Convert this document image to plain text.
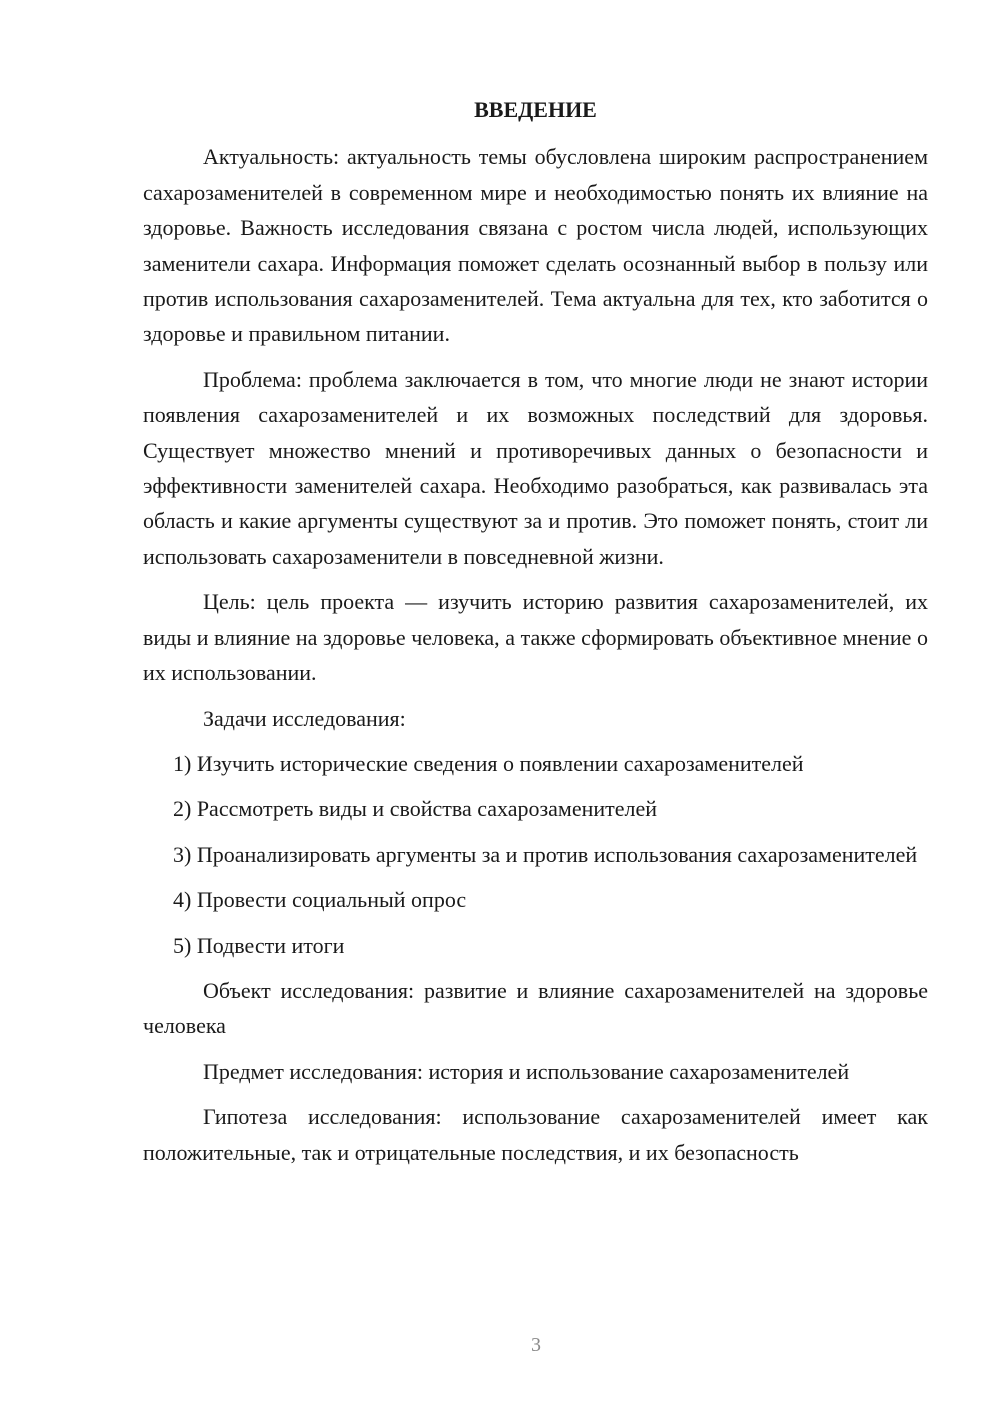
ВВЕДЕНИЕ

Актуальность: актуальность темы обусловлена широким распространением сахарозаменителей в современном мире и необходимостью понять их влияние на здоровье. Важность исследования связана с ростом числа людей, использующих заменители сахара. Информация поможет сделать осознанный выбор в пользу или против использования сахарозаменителей. Тема актуальна для тех, кто заботится о здоровье и правильном питании.

Проблема: проблема заключается в том, что многие люди не знают истории появления сахарозаменителей и их возможных последствий для здоровья. Существует множество мнений и противоречивых данных о безопасности и эффективности заменителей сахара. Необходимо разобраться, как развивалась эта область и какие аргументы существуют за и против. Это поможет понять, стоит ли использовать сахарозаменители в повседневной жизни.

Цель: цель проекта — изучить историю развития сахарозаменителей, их виды и влияние на здоровье человека, а также сформировать объективное мнение о их использовании.

Задачи исследования:

1) Изучить исторические сведения о появлении сахарозаменителей

2) Рассмотреть виды и свойства сахарозаменителей

3) Проанализировать аргументы за и против использования сахарозаменителей

4) Провести социальный опрос

5) Подвести итоги

Объект исследования: развитие и влияние сахарозаменителей на здоровье человека

Предмет исследования: история и использование сахарозаменителей

Гипотеза исследования: использование сахарозаменителей имеет как положительные, так и отрицательные последствия, и их безопасность

3
